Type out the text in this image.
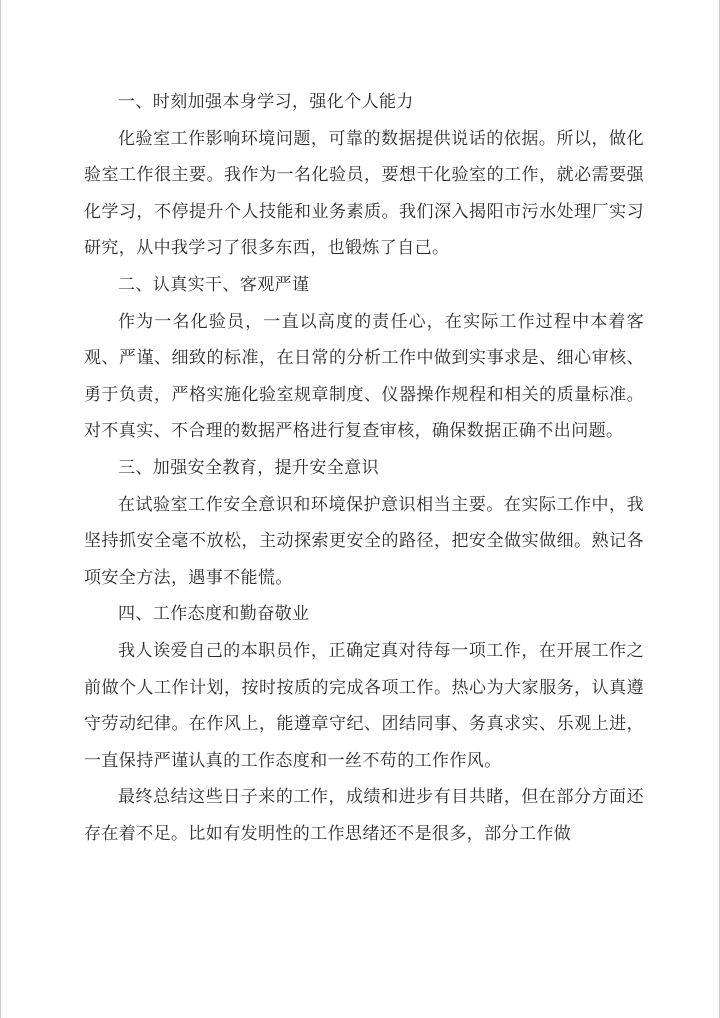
一、时刻加强本身学习，强化个人能力

化验室工作影响环境问题，可靠的数据提供说话的依据。所以，做化验室工作很主要。我作为一名化验员，要想干化验室的工作，就必需要强化学习，不停提升个人技能和业务素质。我们深入揭阳市污水处理厂实习研究，从中我学习了很多东西，也锻炼了自己。

二、认真实干、客观严谨

作为一名化验员，一直以高度的责任心，在实际工作过程中本着客观、严谨、细致的标准，在日常的分析工作中做到实事求是、细心审核、勇于负责，严格实施化验室规章制度、仪器操作规程和相关的质量标准。对不真实、不合理的数据严格进行复查审核，确保数据正确不出问题。

三、加强安全教育，提升安全意识

在试验室工作安全意识和环境保护意识相当主要。在实际工作中，我坚持抓安全毫不放松，主动探索更安全的路径，把安全做实做细。熟记各项安全方法，遇事不能慌。

四、工作态度和勤奋敬业

我人诶爱自己的本职员作，正确定真对待每一项工作，在开展工作之前做个人工作计划，按时按质的完成各项工作。热心为大家服务，认真遵守劳动纪律。在作风上，能遵章守纪、团结同事、务真求实、乐观上进，一直保持严谨认真的工作态度和一丝不苟的工作作风。

最终总结这些日子来的工作，成绩和进步有目共睹，但在部分方面还存在着不足。比如有发明性的工作思绪还不是很多，部分工作做
